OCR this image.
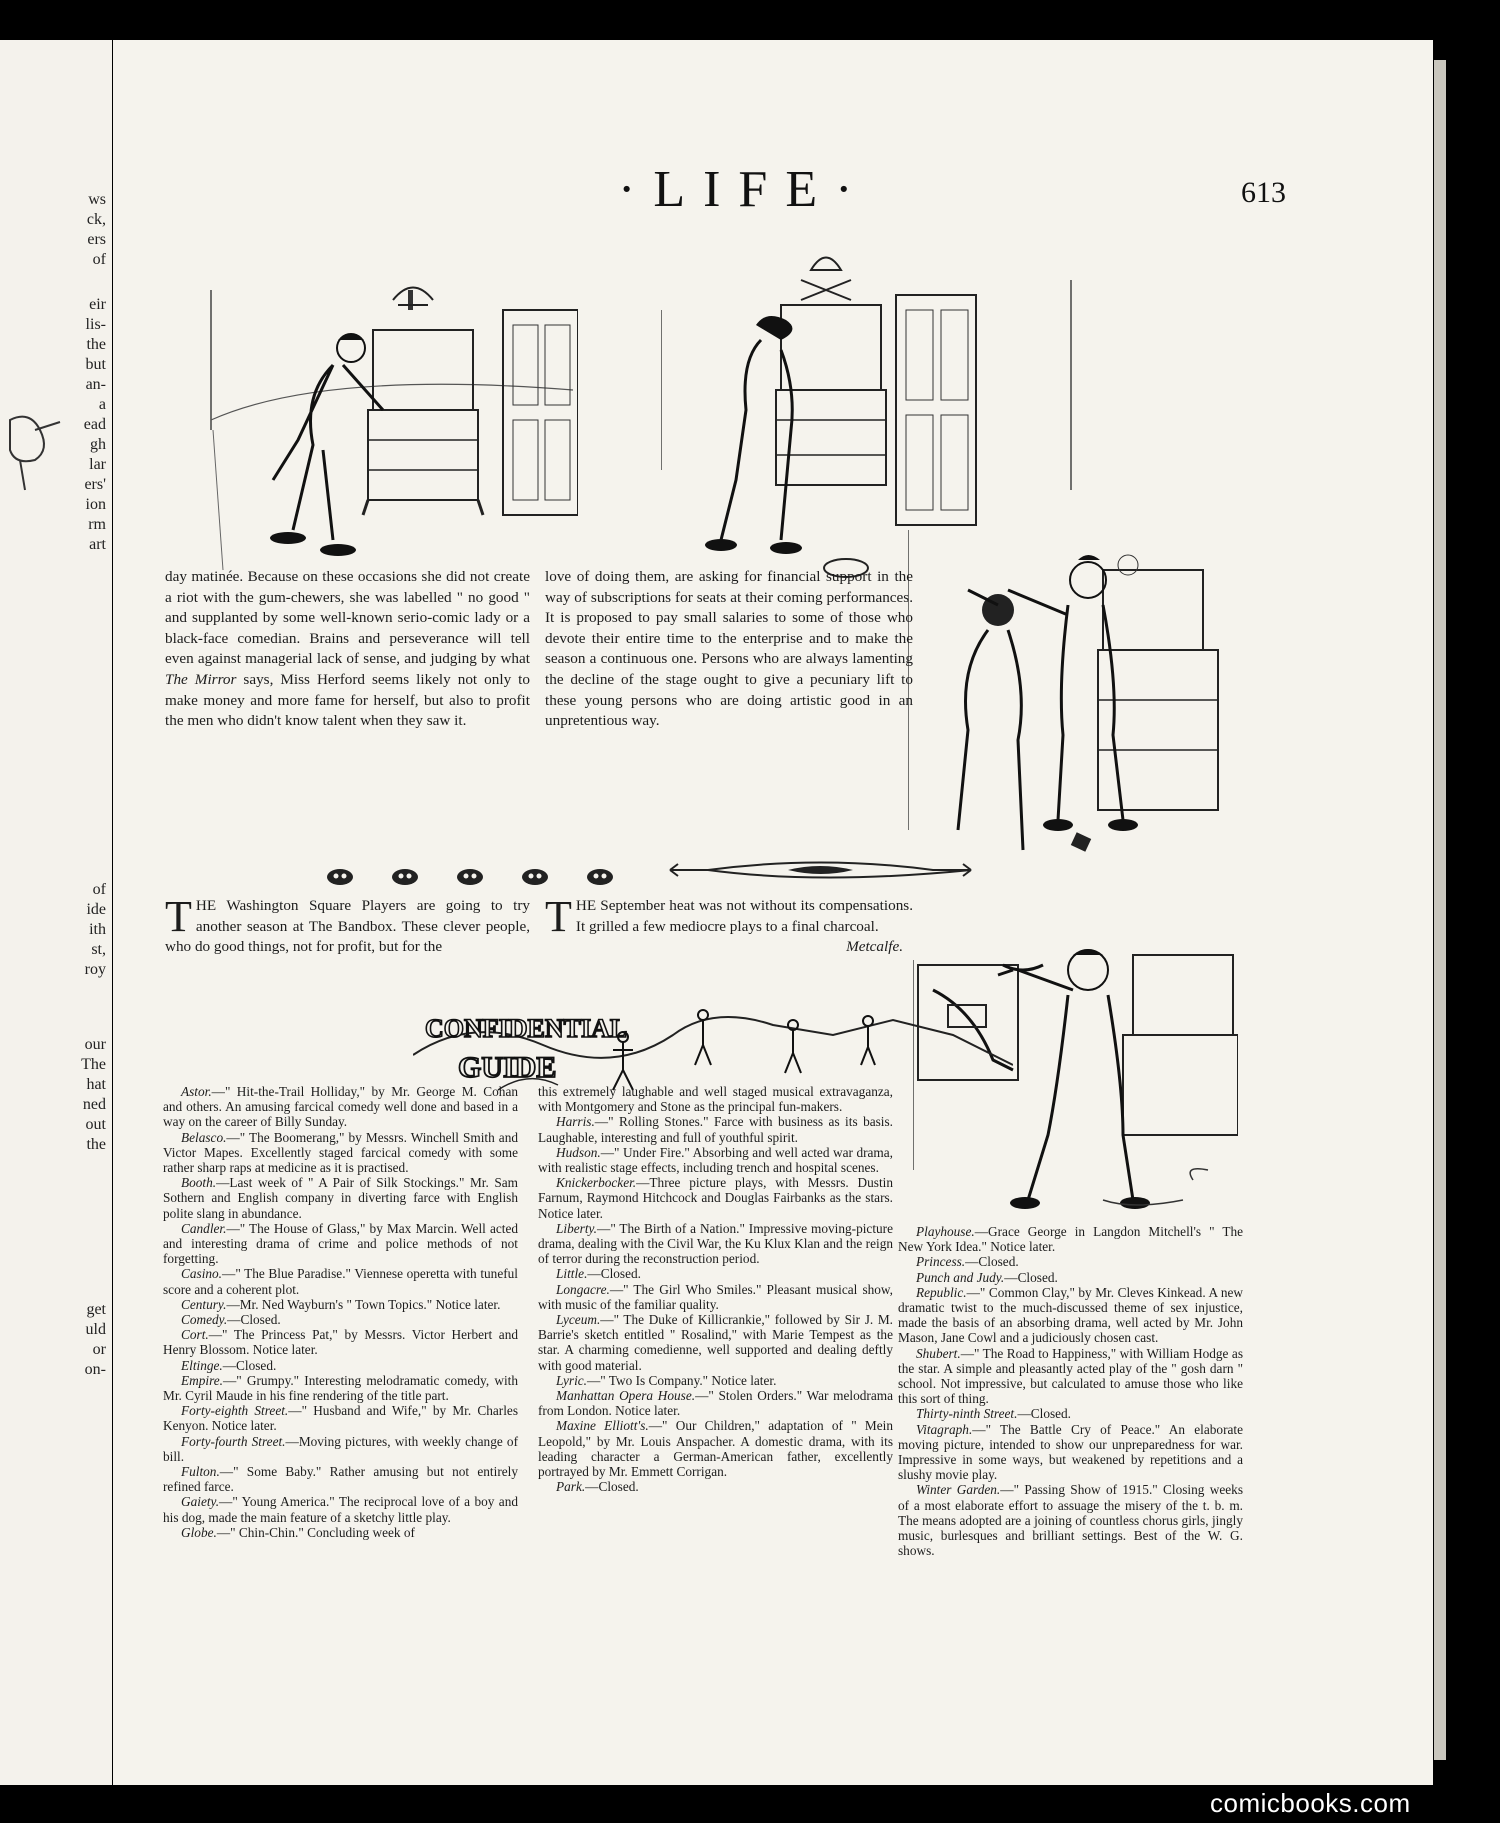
ws
ck,
ers
of
eir
lis-
the
but
an-
a
ead
gh
lar
ers'
ion
rm
art
of
ide
ith
st,
roy
our
The
hat
ned
out
the
get
uld
or
on-
·LIFE·	613

day matinée. Because on these occasions she did not create a riot with the gum-chewers, she was labelled " no good " and supplanted by some well-known serio-comic lady or a black-face comedian. Brains and perseverance will tell even against managerial lack of sense, and judging by what The Mirror says, Miss Herford seems likely not only to make money and more fame for herself, but also to profit the men who didn't know talent when they saw it.

love of doing them, are asking for financial support in the way of subscriptions for seats at their coming performances. It is proposed to pay small salaries to some of those who devote their entire time to the enterprise and to make the season a continuous one. Persons who are always lamenting the decline of the stage ought to give a pecuniary lift to these young persons who are doing artistic good in an unpretentious way.

THE Washington Square Players are going to try another season at The Bandbox. These clever people, who do good things, not for profit, but for the

THE September heat was not without its compensations. It grilled a few mediocre plays to a final charcoal.

Metcalfe.

CONFIDENTIAL
GUIDE

Astor.—" Hit-the-Trail Holliday," by Mr. George M. Cohan and others. An amusing farcical comedy well done and based in a way on the career of Billy Sunday.

Belasco.—" The Boomerang," by Messrs. Winchell Smith and Victor Mapes. Excellently staged farcical comedy with some rather sharp raps at medicine as it is practised.

Booth.—Last week of " A Pair of Silk Stockings." Mr. Sam Sothern and English company in diverting farce with English polite slang in abundance.

Candler.—" The House of Glass," by Max Marcin. Well acted and interesting drama of crime and police methods of not forgetting.

Casino.—" The Blue Paradise." Viennese operetta with tuneful score and a coherent plot.

Century.—Mr. Ned Wayburn's " Town Topics." Notice later.

Comedy.—Closed.

Cort.—" The Princess Pat," by Messrs. Victor Herbert and Henry Blossom. Notice later.

Eltinge.—Closed.

Empire.—" Grumpy." Interesting melodramatic comedy, with Mr. Cyril Maude in his fine rendering of the title part.

Forty-eighth Street.—" Husband and Wife," by Mr. Charles Kenyon. Notice later.

Forty-fourth Street.—Moving pictures, with weekly change of bill.

Fulton.—" Some Baby." Rather amusing but not entirely refined farce.

Gaiety.—" Young America." The reciprocal love of a boy and his dog, made the main feature of a sketchy little play.

Globe.—" Chin-Chin." Concluding week of

this extremely laughable and well staged musical extravaganza, with Montgomery and Stone as the principal fun-makers.

Harris.—" Rolling Stones." Farce with business as its basis. Laughable, interesting and full of youthful spirit.

Hudson.—" Under Fire." Absorbing and well acted war drama, with realistic stage effects, including trench and hospital scenes.

Knickerbocker.—Three picture plays, with Messrs. Dustin Farnum, Raymond Hitchcock and Douglas Fairbanks as the stars. Notice later.

Liberty.—" The Birth of a Nation." Impressive moving-picture drama, dealing with the Civil War, the Ku Klux Klan and the reign of terror during the reconstruction period.

Little.—Closed.

Longacre.—" The Girl Who Smiles." Pleasant musical show, with music of the familiar quality.

Lyceum.—" The Duke of Killicrankie," followed by Sir J. M. Barrie's sketch entitled " Rosalind," with Marie Tempest as the star. A charming comedienne, well supported and dealing deftly with good material.

Lyric.—" Two Is Company." Notice later.

Manhattan Opera House.—" Stolen Orders." War melodrama from London. Notice later.

Maxine Elliott's.—" Our Children," adaptation of " Mein Leopold," by Mr. Louis Anspacher. A domestic drama, with its leading character a German-American father, excellently portrayed by Mr. Emmett Corrigan.

Park.—Closed.

Playhouse.—Grace George in Langdon Mitchell's " The New York Idea." Notice later.

Princess.—Closed.

Punch and Judy.—Closed.

Republic.—" Common Clay," by Mr. Cleves Kinkead. A new dramatic twist to the much-discussed theme of sex injustice, made the basis of an absorbing drama, well acted by Mr. John Mason, Jane Cowl and a judiciously chosen cast.

Shubert.—" The Road to Happiness," with William Hodge as the star. A simple and pleasantly acted play of the " gosh darn " school. Not impressive, but calculated to amuse those who like this sort of thing.

Thirty-ninth Street.—Closed.

Vitagraph.—" The Battle Cry of Peace." An elaborate moving picture, intended to show our unpreparedness for war. Impressive in some ways, but weakened by repetitions and a slushy movie play.

Winter Garden.—" Passing Show of 1915." Closing weeks of a most elaborate effort to assuage the misery of the t. b. m. The means adopted are a joining of countless chorus girls, jingly music, burlesques and brilliant settings. Best of the W. G. shows.

comicbooks.com
